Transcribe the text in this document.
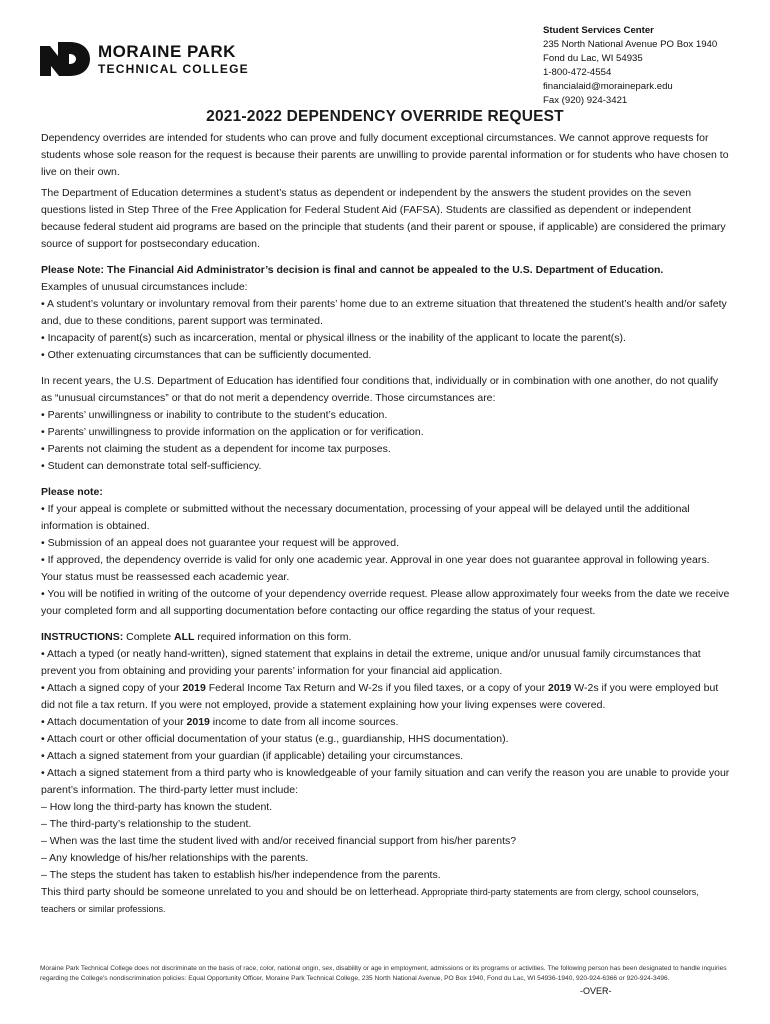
MORAINE PARK
TECHNICAL COLLEGE
Student Services Center
235 North National Avenue PO Box 1940
Fond du Lac, WI 54935
1-800-472-4554
financialaid@morainepark.edu
Fax (920) 924-3421
2021-2022 DEPENDENCY OVERRIDE REQUEST

Dependency overrides are intended for students who can prove and fully document exceptional circumstances. We cannot approve requests for students whose sole reason for the request is because their parents are unwilling to provide parental information or for students who have chosen to live on their own.

The Department of Education determines a student’s status as dependent or independent by the answers the student provides on the seven questions listed in Step Three of the Free Application for Federal Student Aid (FAFSA). Students are classified as dependent or independent because federal student aid programs are based on the principle that students (and their parent or spouse, if applicable) are considered the primary source of support for postsecondary education.

Please Note: The Financial Aid Administrator’s decision is final and cannot be appealed to the U.S. Department of Education.

Examples of unusual circumstances include:

• A student’s voluntary or involuntary removal from their parents’ home due to an extreme situation that threatened the student’s health and/or safety and, due to these conditions, parent support was terminated.

• Incapacity of parent(s) such as incarceration, mental or physical illness or the inability of the applicant to locate the parent(s).

• Other extenuating circumstances that can be sufficiently documented.

In recent years, the U.S. Department of Education has identified four conditions that, individually or in combination with one another, do not qualify as “unusual circumstances” or that do not merit a dependency override. Those circumstances are:

• Parents’ unwillingness or inability to contribute to the student’s education.

• Parents’ unwillingness to provide information on the application or for verification.

• Parents not claiming the student as a dependent for income tax purposes.

• Student can demonstrate total self-sufficiency.

Please note:

• If your appeal is complete or submitted without the necessary documentation, processing of your appeal will be delayed until the additional information is obtained.

• Submission of an appeal does not guarantee your request will be approved.

• If approved, the dependency override is valid for only one academic year. Approval in one year does not guarantee approval in following years. Your status must be reassessed each academic year.

• You will be notified in writing of the outcome of your dependency override request. Please allow approximately four weeks from the date we receive your completed form and all supporting documentation before contacting our office regarding the status of your request.

INSTRUCTIONS: Complete ALL required information on this form.

• Attach a typed (or neatly hand-written), signed statement that explains in detail the extreme, unique and/or unusual family circumstances that prevent you from obtaining and providing your parents’ information for your financial aid application.

• Attach a signed copy of your 2019 Federal Income Tax Return and W-2s if you filed taxes, or a copy of your 2019 W-2s if you were employed but did not file a tax return. If you were not employed, provide a statement explaining how your living expenses were covered.

• Attach documentation of your 2019 income to date from all income sources.

• Attach court or other official documentation of your status (e.g., guardianship, HHS documentation).

• Attach a signed statement from your guardian (if applicable) detailing your circumstances.

• Attach a signed statement from a third party who is knowledgeable of your family situation and can verify the reason you are unable to provide your parent’s information. The third-party letter must include:

– How long the third-party has known the student.

– The third-party’s relationship to the student.

– When was the last time the student lived with and/or received financial support from his/her parents?

– Any knowledge of his/her relationships with the parents.

– The steps the student has taken to establish his/her independence from the parents.

This third party should be someone unrelated to you and should be on letterhead. Appropriate third-party statements are from clergy, school counselors, teachers or similar professions.

Moraine Park Technical College does not discriminate on the basis of race, color, national origin, sex, disability or age in employment, admissions or its programs or activities. The following person has been designated to handle inquiries regarding the College's nondiscrimination policies: Equal Opportunity Officer, Moraine Park Technical College, 235 North National Avenue, PO Box 1940, Fond du Lac, WI 54936-1940, 920-924-6366 or 920-924-3496.
-OVER-
